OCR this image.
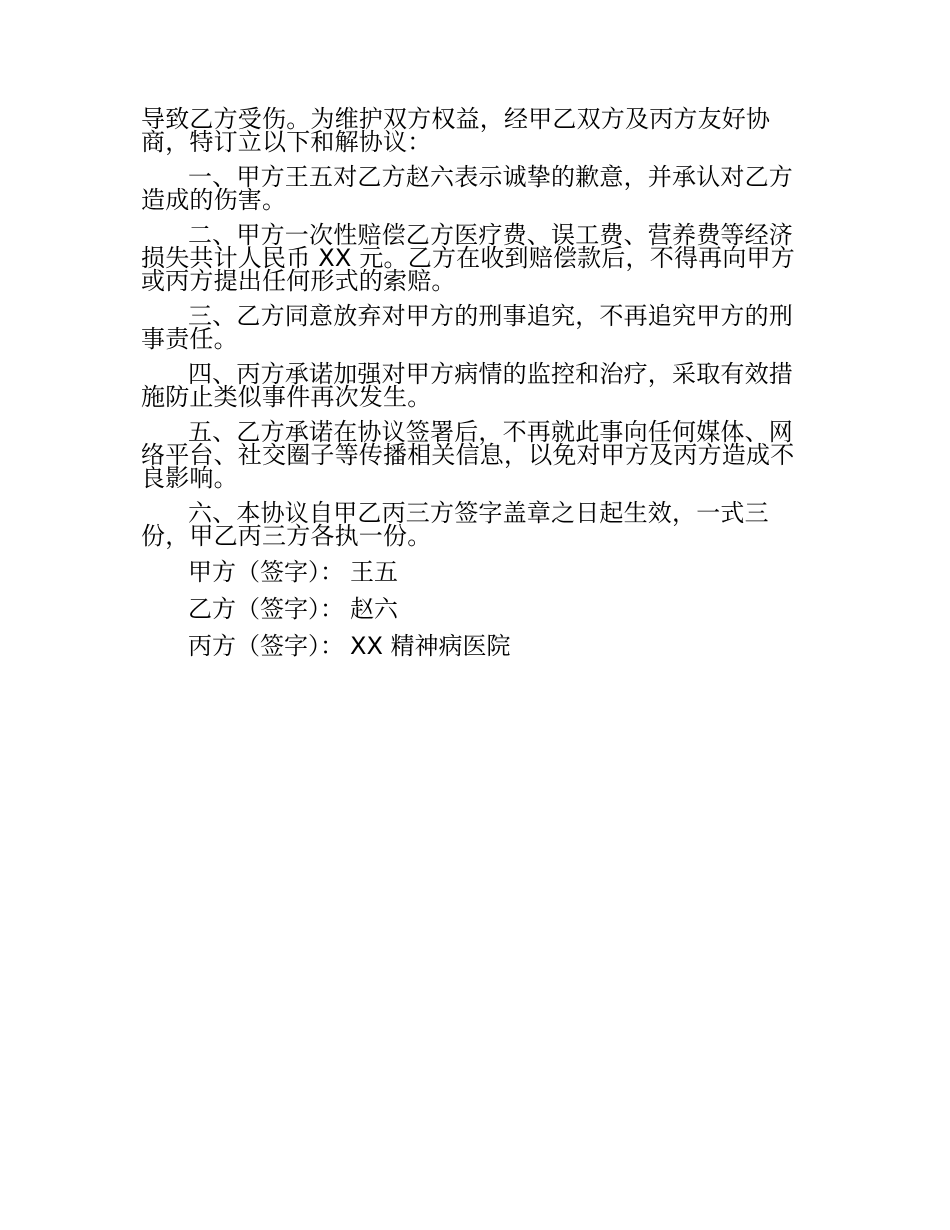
导致乙方受伤。为维护双方权益，经甲乙双方及丙方友好协商，特订立以下和解协议：

一、甲方王五对乙方赵六表示诚挚的歉意，并承认对乙方造成的伤害。

二、甲方一次性赔偿乙方医疗费、误工费、营养费等经济损失共计人民币 XX 元。乙方在收到赔偿款后，不得再向甲方或丙方提出任何形式的索赔。

三、乙方同意放弃对甲方的刑事追究，不再追究甲方的刑事责任。

四、丙方承诺加强对甲方病情的监控和治疗，采取有效措施防止类似事件再次发生。

五、乙方承诺在协议签署后，不再就此事向任何媒体、网络平台、社交圈子等传播相关信息，以免对甲方及丙方造成不良影响。

六、本协议自甲乙丙三方签字盖章之日起生效，一式三份，甲乙丙三方各执一份。

甲方（签字）： 王五
乙方（签字）： 赵六
丙方（签字）： XX 精神病医院
